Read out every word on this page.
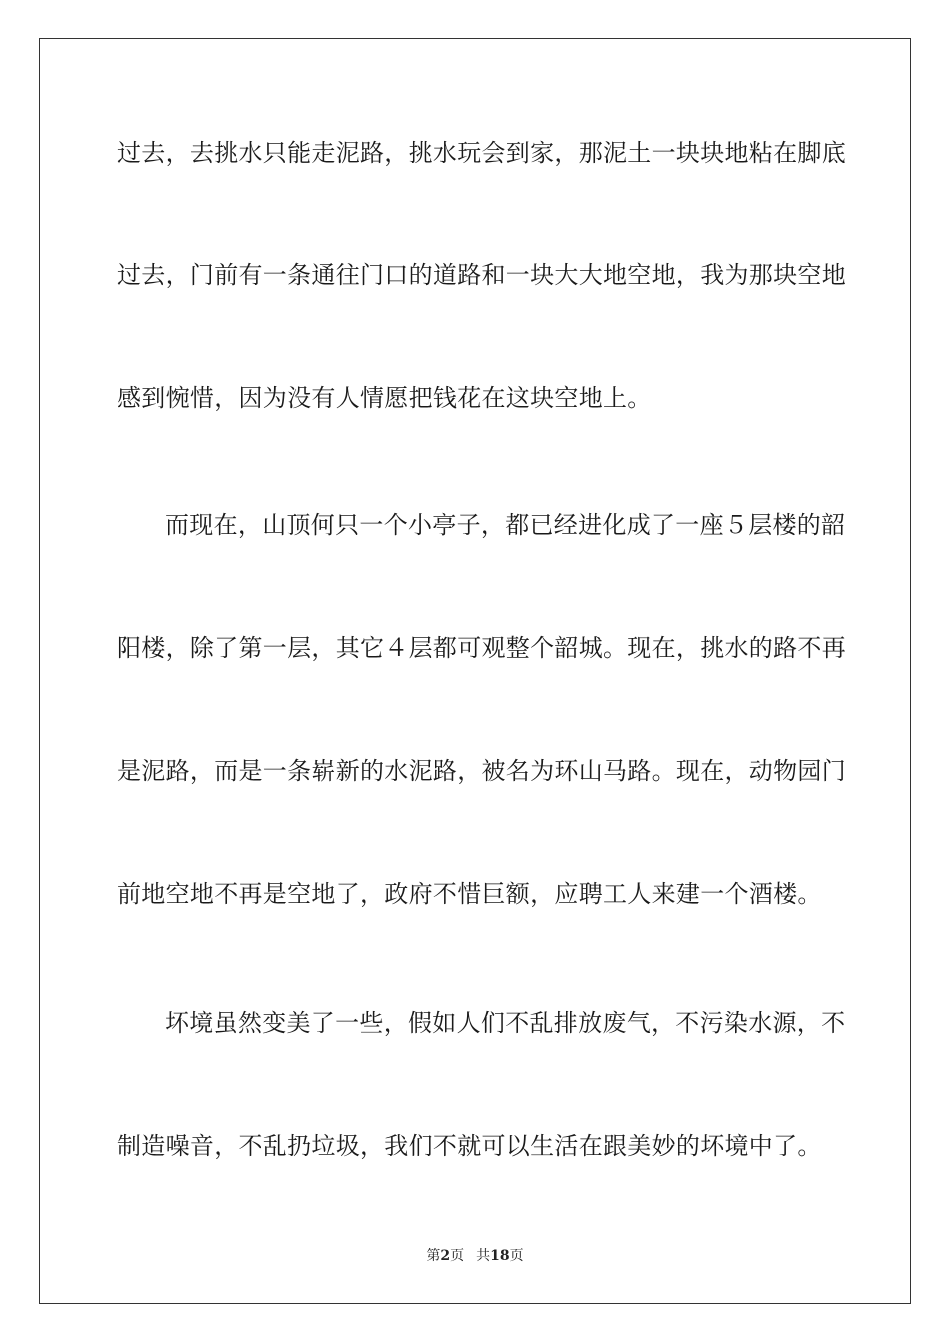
过去，去挑水只能走泥路，挑水玩会到家，那泥土一块块地粘在脚底
过去，门前有一条通往门口的道路和一块大大地空地，我为那块空地
感到惋惜，因为没有人情愿把钱花在这块空地上。
而现在，山顶何只一个小亭子，都已经进化成了一座５层楼的韶
阳楼，除了第一层，其它４层都可观整个韶城。现在，挑水的路不再
是泥路，而是一条崭新的水泥路，被名为环山马路。现在，动物园门
前地空地不再是空地了，政府不惜巨额，应聘工人来建一个酒楼。
坏境虽然变美了一些，假如人们不乱排放废气，不污染水源，不
制造噪音，不乱扔垃圾，我们不就可以生活在跟美妙的坏境中了。
第2页 共18页
